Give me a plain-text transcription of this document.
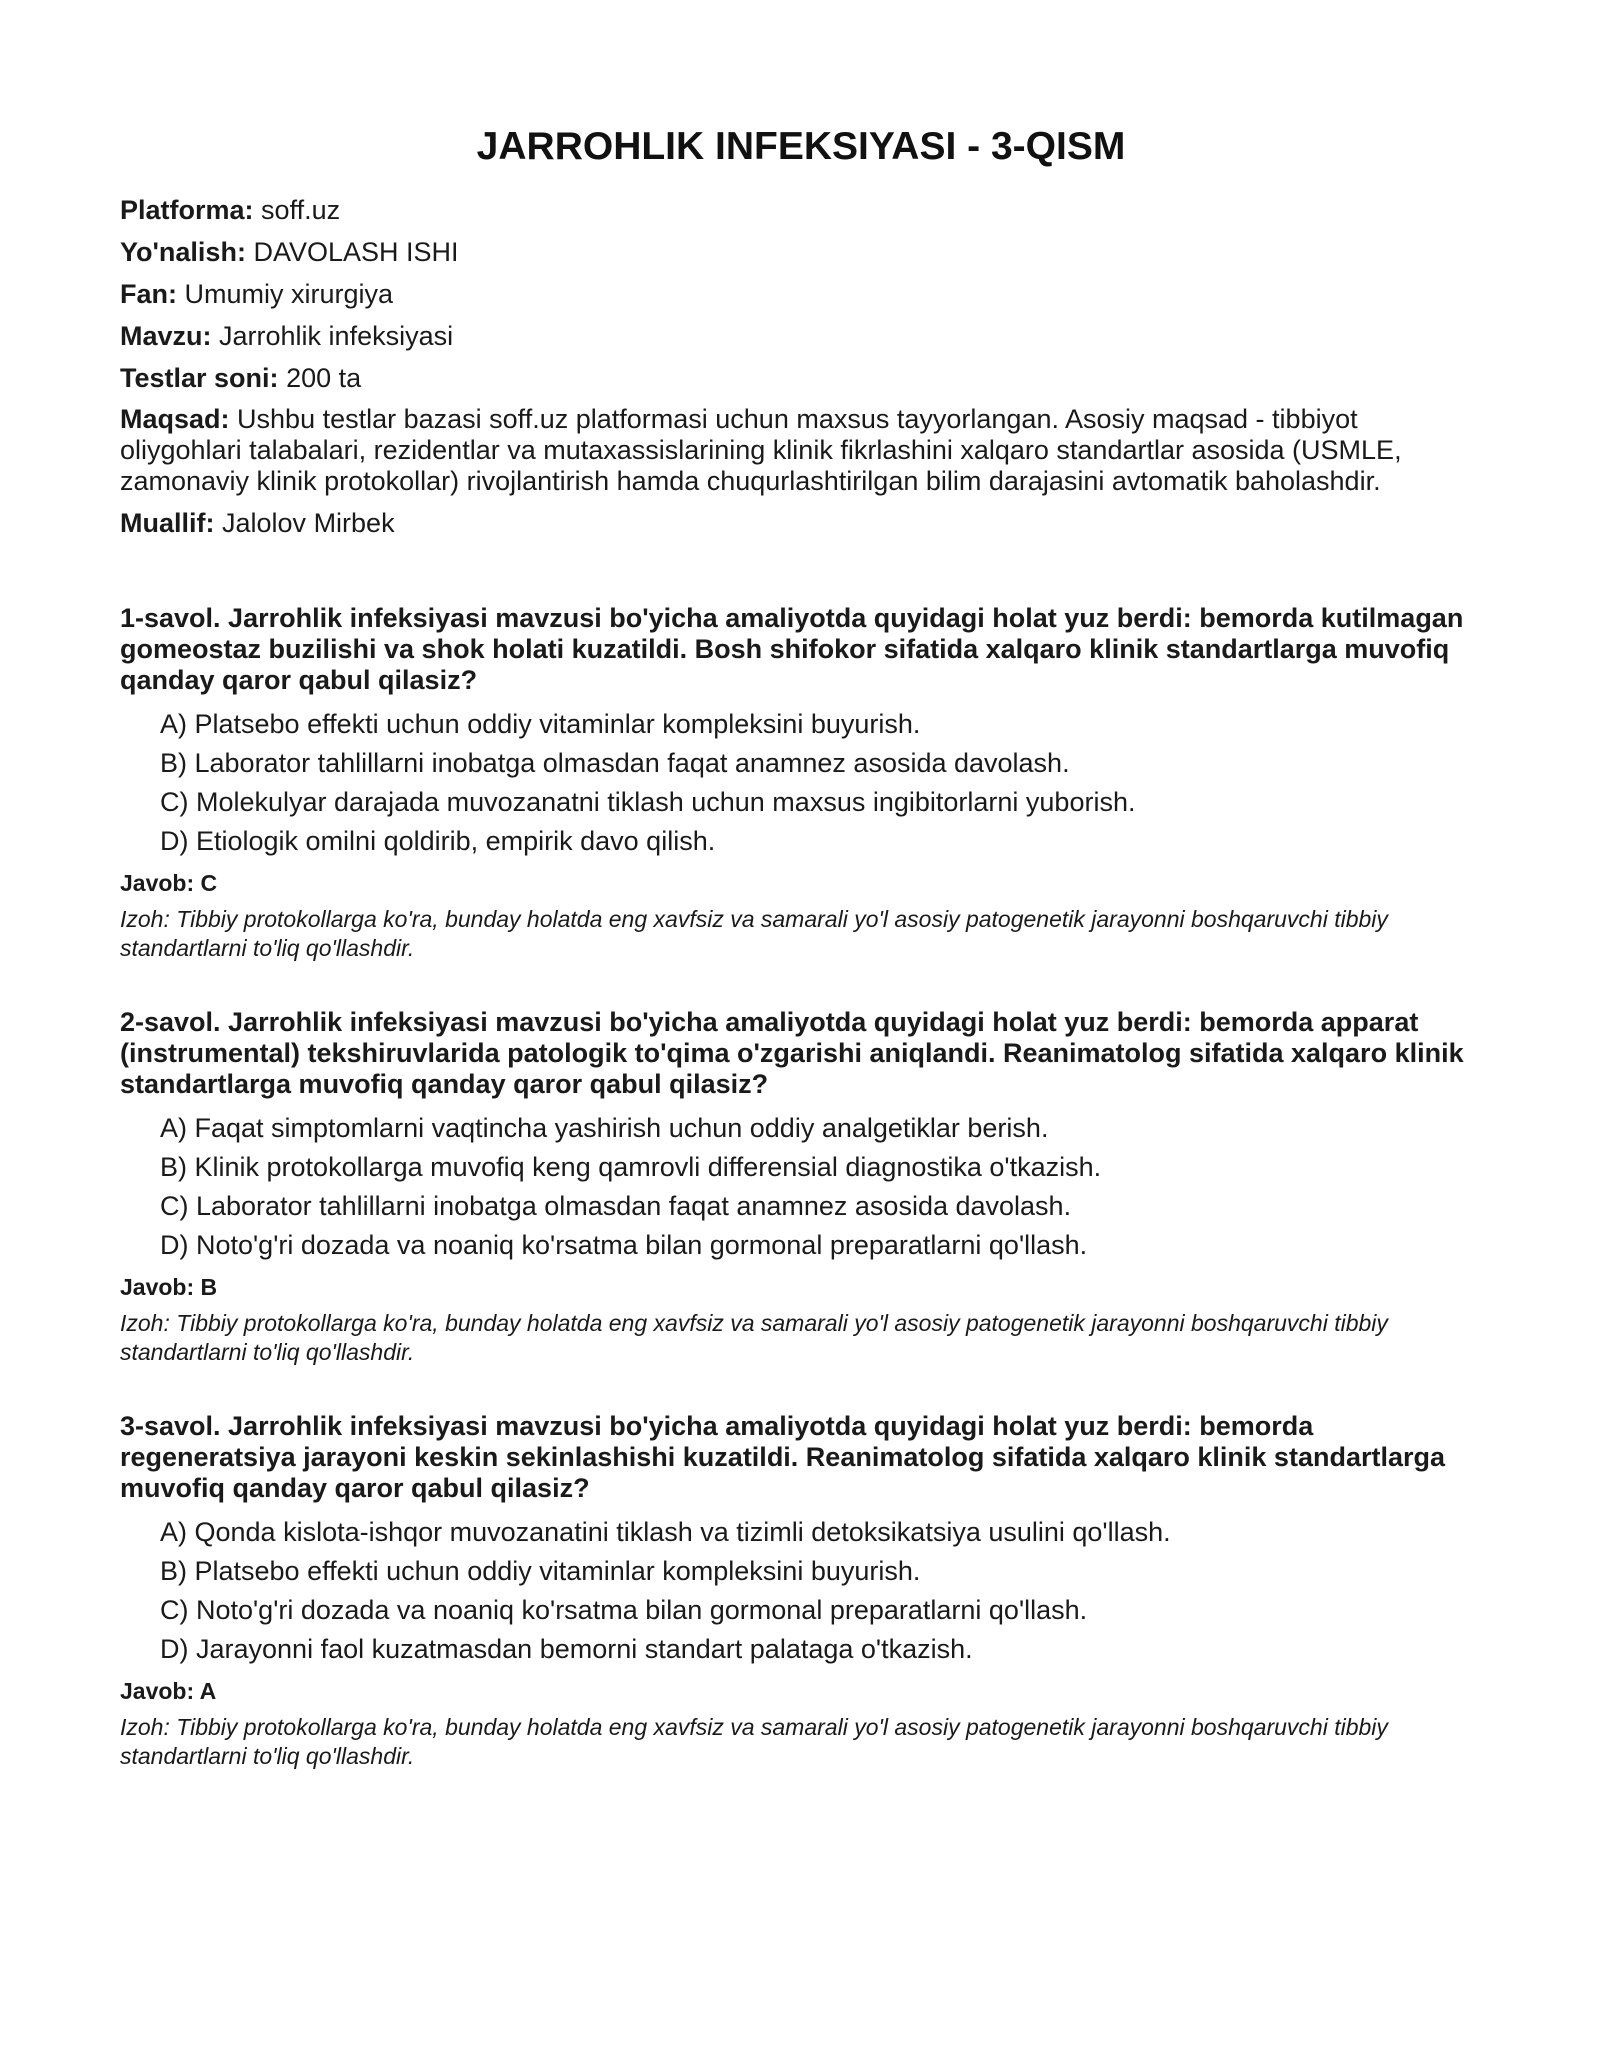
JARROHLIK INFEKSIYASI - 3-QISM
Platforma: soff.uz
Yo'nalish: DAVOLASH ISHI
Fan: Umumiy xirurgiya
Mavzu: Jarrohlik infeksiyasi
Testlar soni: 200 ta
Maqsad: Ushbu testlar bazasi soff.uz platformasi uchun maxsus tayyorlangan. Asosiy maqsad - tibbiyot oliygohlari talabalari, rezidentlar va mutaxassislarining klinik fikrlashini xalqaro standartlar asosida (USMLE, zamonaviy klinik protokollar) rivojlantirish hamda chuqurlashtirilgan bilim darajasini avtomatik baholashdir.
Muallif: Jalolov Mirbek

1-savol. Jarrohlik infeksiyasi mavzusi bo'yicha amaliyotda quyidagi holat yuz berdi: bemorda kutilmagan gomeostaz buzilishi va shok holati kuzatildi. Bosh shifokor sifatida xalqaro klinik standartlarga muvofiq qanday qaror qabul qilasiz?

A) Platsebo effekti uchun oddiy vitaminlar kompleksini buyurish.
B) Laborator tahlillarni inobatga olmasdan faqat anamnez asosida davolash.
C) Molekulyar darajada muvozanatni tiklash uchun maxsus ingibitorlarni yuborish.
D) Etiologik omilni qoldirib, empirik davo qilish.
Javob: C
Izoh: Tibbiy protokollarga ko'ra, bunday holatda eng xavfsiz va samarali yo'l asosiy patogenetik jarayonni boshqaruvchi tibbiy standartlarni to'liq qo'llashdir.

2-savol. Jarrohlik infeksiyasi mavzusi bo'yicha amaliyotda quyidagi holat yuz berdi: bemorda apparat (instrumental) tekshiruvlarida patologik to'qima o'zgarishi aniqlandi. Reanimatolog sifatida xalqaro klinik standartlarga muvofiq qanday qaror qabul qilasiz?

A) Faqat simptomlarni vaqtincha yashirish uchun oddiy analgetiklar berish.
B) Klinik protokollarga muvofiq keng qamrovli differensial diagnostika o'tkazish.
C) Laborator tahlillarni inobatga olmasdan faqat anamnez asosida davolash.
D) Noto'g'ri dozada va noaniq ko'rsatma bilan gormonal preparatlarni qo'llash.
Javob: B
Izoh: Tibbiy protokollarga ko'ra, bunday holatda eng xavfsiz va samarali yo'l asosiy patogenetik jarayonni boshqaruvchi tibbiy standartlarni to'liq qo'llashdir.

3-savol. Jarrohlik infeksiyasi mavzusi bo'yicha amaliyotda quyidagi holat yuz berdi: bemorda regeneratsiya jarayoni keskin sekinlashishi kuzatildi. Reanimatolog sifatida xalqaro klinik standartlarga muvofiq qanday qaror qabul qilasiz?

A) Qonda kislota-ishqor muvozanatini tiklash va tizimli detoksikatsiya usulini qo'llash.
B) Platsebo effekti uchun oddiy vitaminlar kompleksini buyurish.
C) Noto'g'ri dozada va noaniq ko'rsatma bilan gormonal preparatlarni qo'llash.
D) Jarayonni faol kuzatmasdan bemorni standart palataga o'tkazish.
Javob: A
Izoh: Tibbiy protokollarga ko'ra, bunday holatda eng xavfsiz va samarali yo'l asosiy patogenetik jarayonni boshqaruvchi tibbiy standartlarni to'liq qo'llashdir.
